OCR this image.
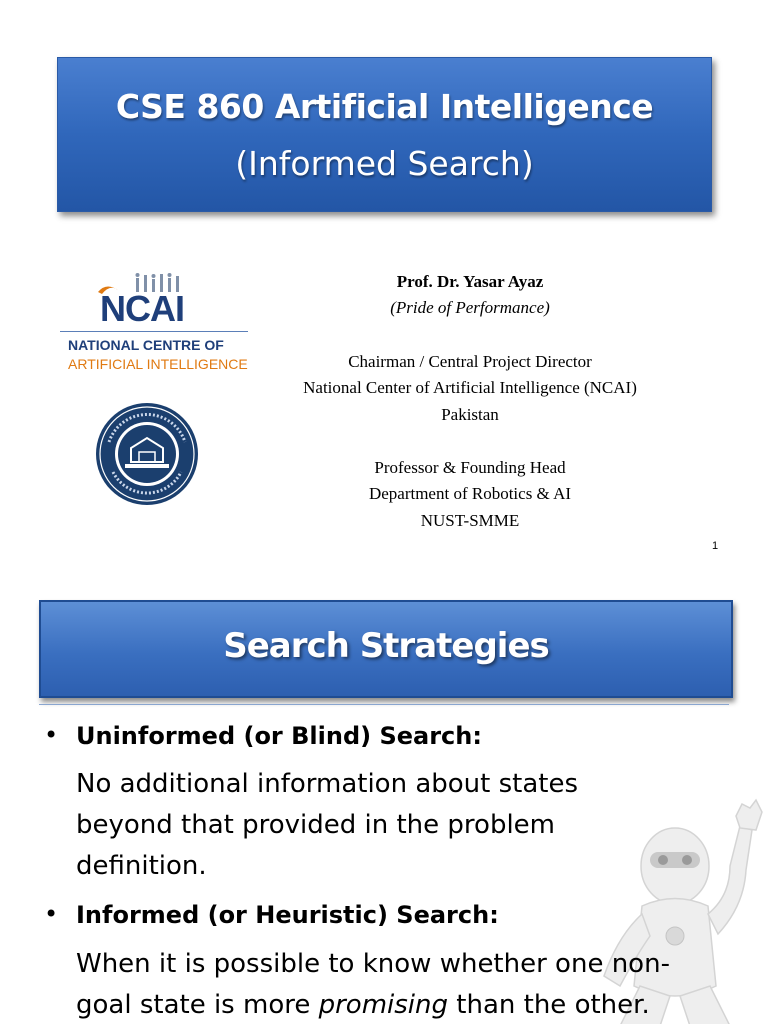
CSE 860 Artificial Intelligence
(Informed Search)
NCAI
NATIONAL CENTRE OF
ARTIFICIAL INTELLIGENCE
Prof. Dr. Yasar Ayaz
(Pride of Performance)
Chairman / Central Project Director
National Center of Artificial Intelligence (NCAI)
Pakistan
Professor & Founding Head
Department of Robotics & AI
NUST-SMME
1
Search Strategies
• Uninformed (or Blind) Search:
No additional information about states
beyond that provided in the problem
definition.
• Informed (or Heuristic) Search:
When it is possible to know whether one non-
goal state is more promising than the other.
